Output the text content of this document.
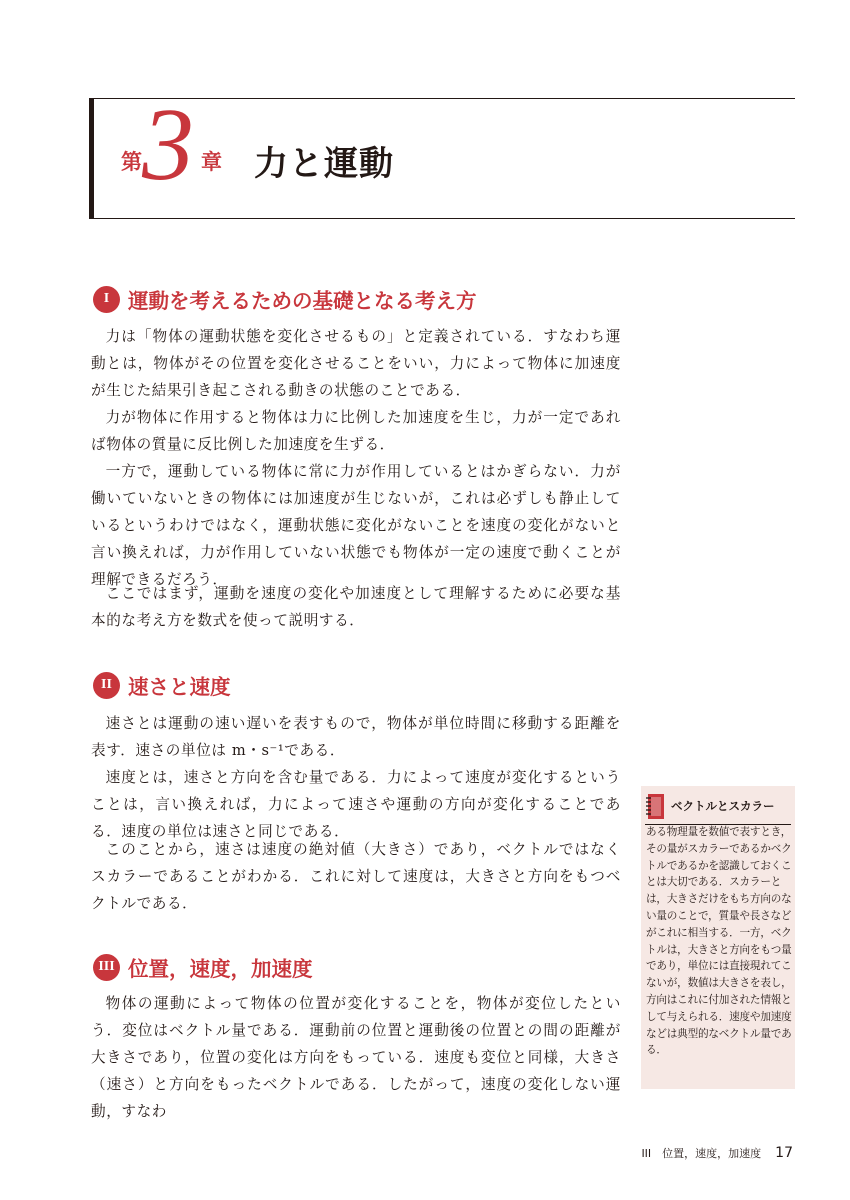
第 3 章 力と運動
I 運動を考えるための基礎となる考え方

力は「物体の運動状態を変化させるもの」と定義されている．すなわち運動とは，物体がその位置を変化させることをいい，力によって物体に加速度が生じた結果引き起こされる動きの状態のことである．

力が物体に作用すると物体は力に比例した加速度を生じ，力が一定であれば物体の質量に反比例した加速度を生ずる．

一方で，運動している物体に常に力が作用しているとはかぎらない．力が働いていないときの物体には加速度が生じないが，これは必ずしも静止しているというわけではなく，運動状態に変化がないことを速度の変化がないと言い換えれば，力が作用していない状態でも物体が一定の速度で動くことが理解できるだろう．

ここではまず，運動を速度の変化や加速度として理解するために必要な基本的な考え方を数式を使って説明する．

II 速さと速度

速さとは運動の速い遅いを表すもので，物体が単位時間に移動する距離を表す．速さの単位は m・s⁻¹である．

速度とは，速さと方向を含む量である．力によって速度が変化するということは，言い換えれば，力によって速さや運動の方向が変化することである．速度の単位は速さと同じである．

このことから，速さは速度の絶対値（大きさ）であり，ベクトルではなくスカラーであることがわかる．これに対して速度は，大きさと方向をもつベクトルである．

III 位置，速度，加速度

物体の運動によって物体の位置が変化することを，物体が変位したという．変位はベクトル量である．運動前の位置と運動後の位置との間の距離が大きさであり，位置の変化は方向をもっている．速度も変位と同様，大きさ（速さ）と方向をもったベクトルである．したがって，速度の変化しない運動，すなわ

ベクトルとスカラー

ある物理量を数値で表すとき，その量がスカラーであるかベクトルであるかを認識しておくことは大切である．スカラーとは，大きさだけをもち方向のない量のことで，質量や長さなどがこれに相当する．一方，ベクトルは，大きさと方向をもつ量であり，単位には直接現れてこないが，数値は大きさを表し，方向はこれに付加された情報として与えられる．速度や加速度などは典型的なベクトル量である．

III　位置，速度，加速度 17
